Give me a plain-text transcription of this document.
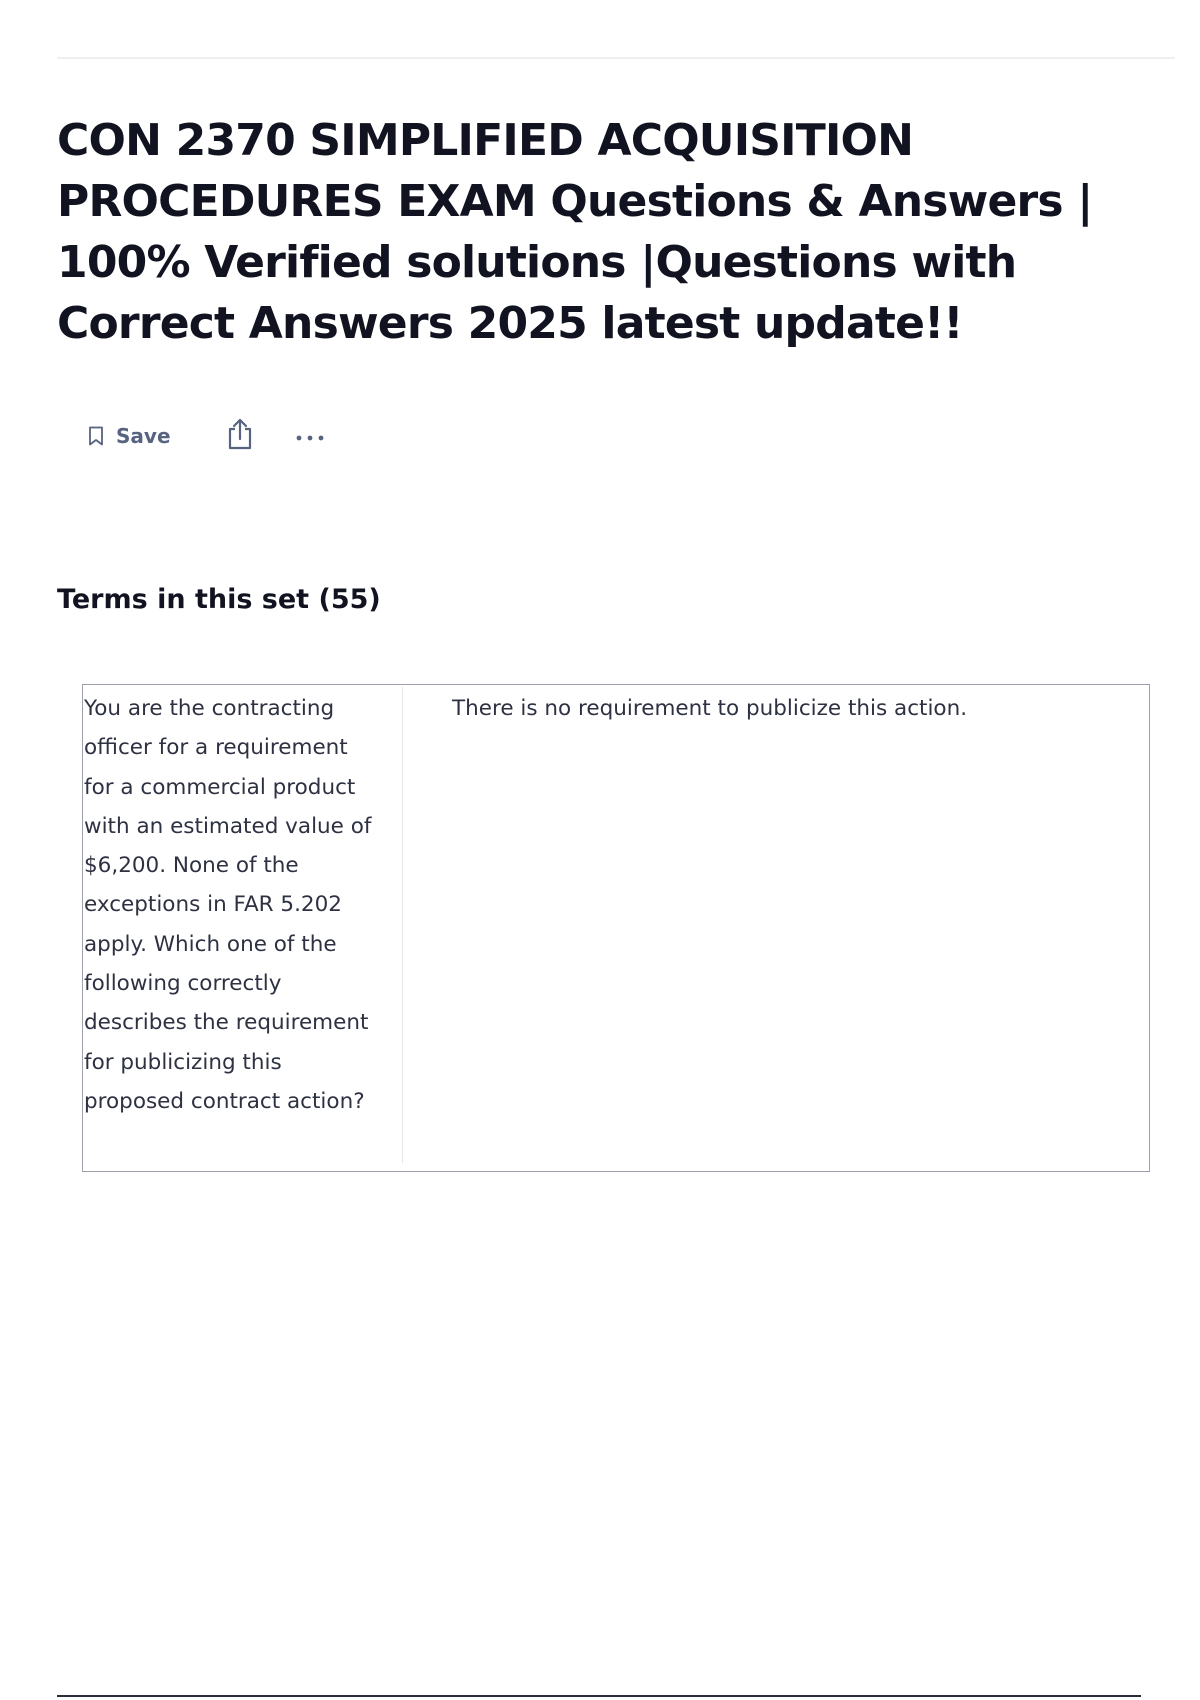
CON 2370 SIMPLIFIED ACQUISITION PROCEDURES EXAM Questions & Answers | 100% Verified solutions |Questions with Correct Answers 2025 latest update!!
Save
Terms in this set (55)

You are the contracting officer for a requirement for a commercial product with an estimated value of $6,200. None of the exceptions in FAR 5.202 apply. Which one of the following correctly describes the requirement for publicizing this proposed contract action?

There is no requirement to publicize this action.
